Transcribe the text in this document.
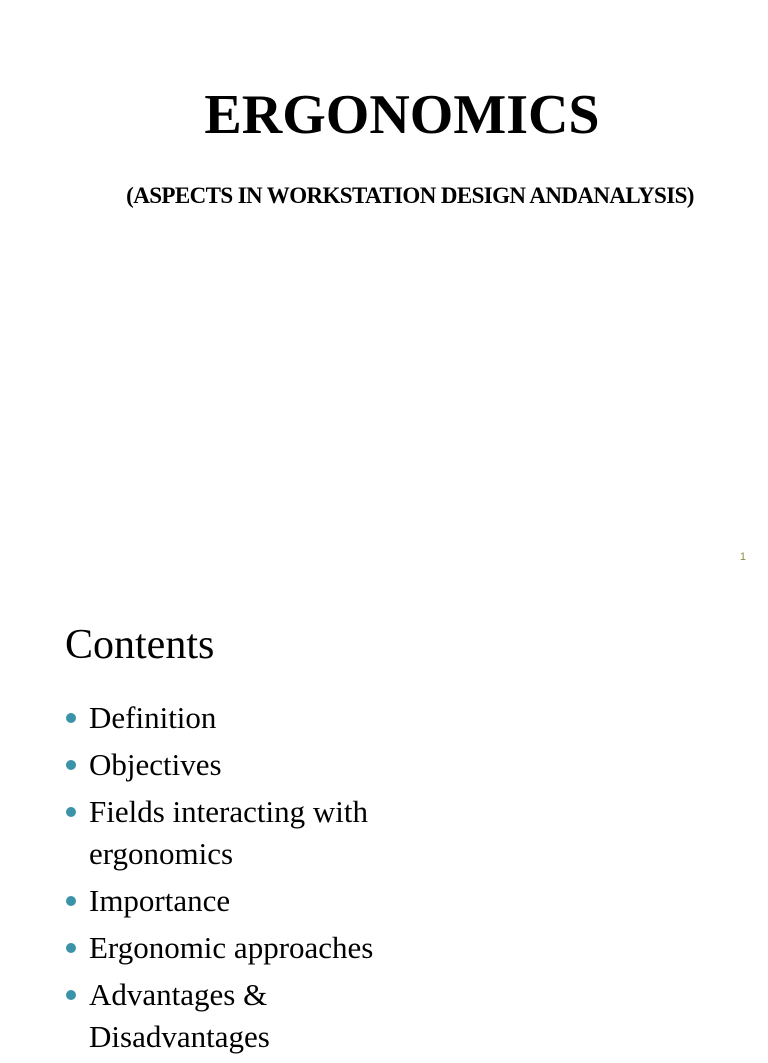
ERGONOMICS
(ASPECTS IN WORKSTATION DESIGN ANDANALYSIS)
1
Contents
Definition
Objectives
Fields interacting with ergonomics
Importance
Ergonomic approaches
Advantages & Disadvantages
